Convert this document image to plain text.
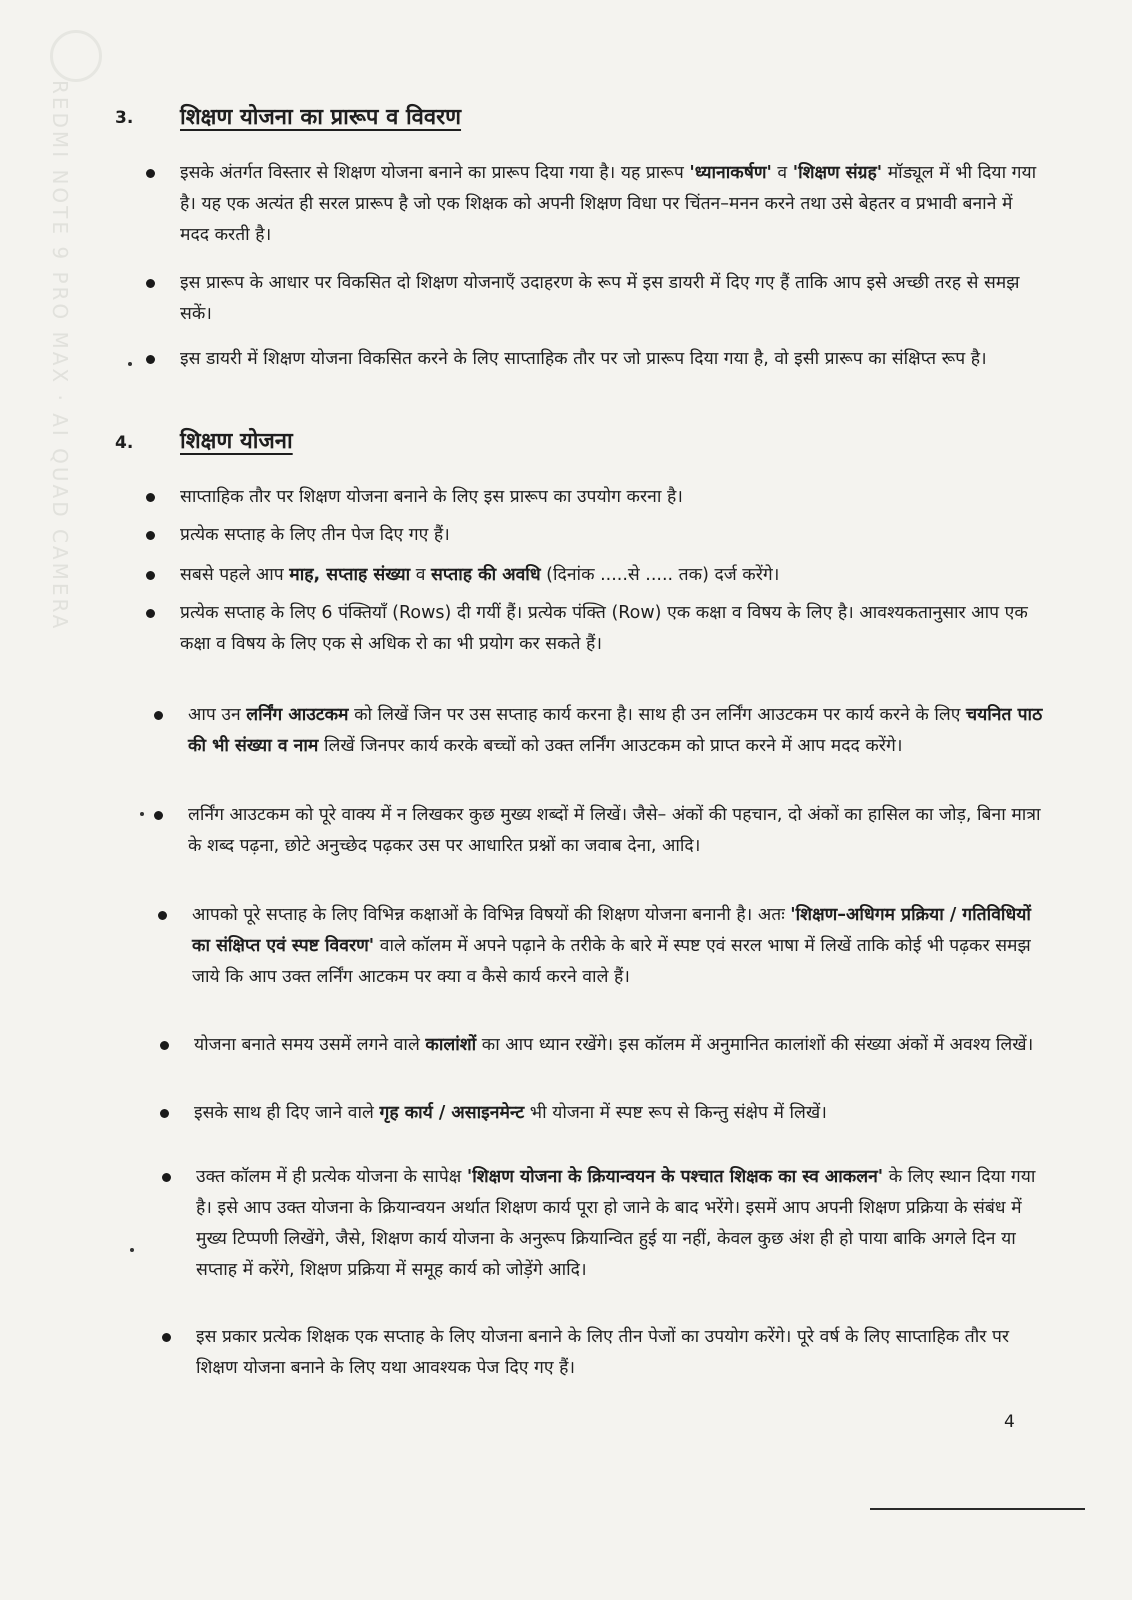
REDMI NOTE 9 PRO MAX · AI QUAD CAMERA	3. शिक्षण योजना का प्रारूप व विवरण
इसके अंतर्गत विस्तार से शिक्षण योजना बनाने का प्रारूप दिया गया है। यह प्रारूप 'ध्यानाकर्षण' व 'शिक्षण संग्रह' मॉड्यूल में भी दिया गया है। यह एक अत्यंत ही सरल प्रारूप है जो एक शिक्षक को अपनी शिक्षण विधा पर चिंतन–मनन करने तथा उसे बेहतर व प्रभावी बनाने में मदद करती है।
इस प्रारूप के आधार पर विकसित दो शिक्षण योजनाएँ उदाहरण के रूप में इस डायरी में दिए गए हैं ताकि आप इसे अच्छी तरह से समझ सकें।
इस डायरी में शिक्षण योजना विकसित करने के लिए साप्ताहिक तौर पर जो प्रारूप दिया गया है, वो इसी प्रारूप का संक्षिप्त रूप है।
4. शिक्षण योजना
साप्ताहिक तौर पर शिक्षण योजना बनाने के लिए इस प्रारूप का उपयोग करना है।
प्रत्येक सप्ताह के लिए तीन पेज दिए गए हैं।
सबसे पहले आप माह, सप्ताह संख्या व सप्ताह की अवधि (दिनांक .....से ..... तक) दर्ज करेंगे।
प्रत्येक सप्ताह के लिए 6 पंक्तियाँ (Rows) दी गयीं हैं। प्रत्येक पंक्ति (Row) एक कक्षा व विषय के लिए है। आवश्यकतानुसार आप एक कक्षा व विषय के लिए एक से अधिक रो का भी प्रयोग कर सकते हैं।
आप उन लर्निंग आउटकम को लिखें जिन पर उस सप्ताह कार्य करना है। साथ ही उन लर्निंग आउटकम पर कार्य करने के लिए चयनित पाठ की भी संख्या व नाम लिखें जिनपर कार्य करके बच्चों को उक्त लर्निंग आउटकम को प्राप्त करने में आप मदद करेंगे।
लर्निंग आउटकम को पूरे वाक्य में न लिखकर कुछ मुख्य शब्दों में लिखें। जैसे– अंकों की पहचान, दो अंकों का हासिल का जोड़, बिना मात्रा के शब्द पढ़ना, छोटे अनुच्छेद पढ़कर उस पर आधारित प्रश्नों का जवाब देना, आदि।
आपको पूरे सप्ताह के लिए विभिन्न कक्षाओं के विभिन्न विषयों की शिक्षण योजना बनानी है। अतः 'शिक्षण–अधिगम प्रक्रिया / गतिविधियों का संक्षिप्त एवं स्पष्ट विवरण' वाले कॉलम में अपने पढ़ाने के तरीके के बारे में स्पष्ट एवं सरल भाषा में लिखें ताकि कोई भी पढ़कर समझ जाये कि आप उक्त लर्निंग आटकम पर क्या व कैसे कार्य करने वाले हैं।
योजना बनाते समय उसमें लगने वाले कालांशों का आप ध्यान रखेंगे। इस कॉलम में अनुमानित कालांशों की संख्या अंकों में अवश्य लिखें।
इसके साथ ही दिए जाने वाले गृह कार्य / असाइनमेन्ट भी योजना में स्पष्ट रूप से किन्तु संक्षेप में लिखें।
उक्त कॉलम में ही प्रत्येक योजना के सापेक्ष 'शिक्षण योजना के क्रियान्वयन के पश्चात शिक्षक का स्व आकलन' के लिए स्थान दिया गया है। इसे आप उक्त योजना के क्रियान्वयन अर्थात शिक्षण कार्य पूरा हो जाने के बाद भरेंगे। इसमें आप अपनी शिक्षण प्रक्रिया के संबंध में मुख्य टिप्पणी लिखेंगे, जैसे, शिक्षण कार्य योजना के अनुरूप क्रियान्वित हुई या नहीं, केवल कुछ अंश ही हो पाया बाकि अगले दिन या सप्ताह में करेंगे, शिक्षण प्रक्रिया में समूह कार्य को जोड़ेंगे आदि।
इस प्रकार प्रत्येक शिक्षक एक सप्ताह के लिए योजना बनाने के लिए तीन पेजों का उपयोग करेंगे। पूरे वर्ष के लिए साप्ताहिक तौर पर शिक्षण योजना बनाने के लिए यथा आवश्यक पेज दिए गए हैं।
4
